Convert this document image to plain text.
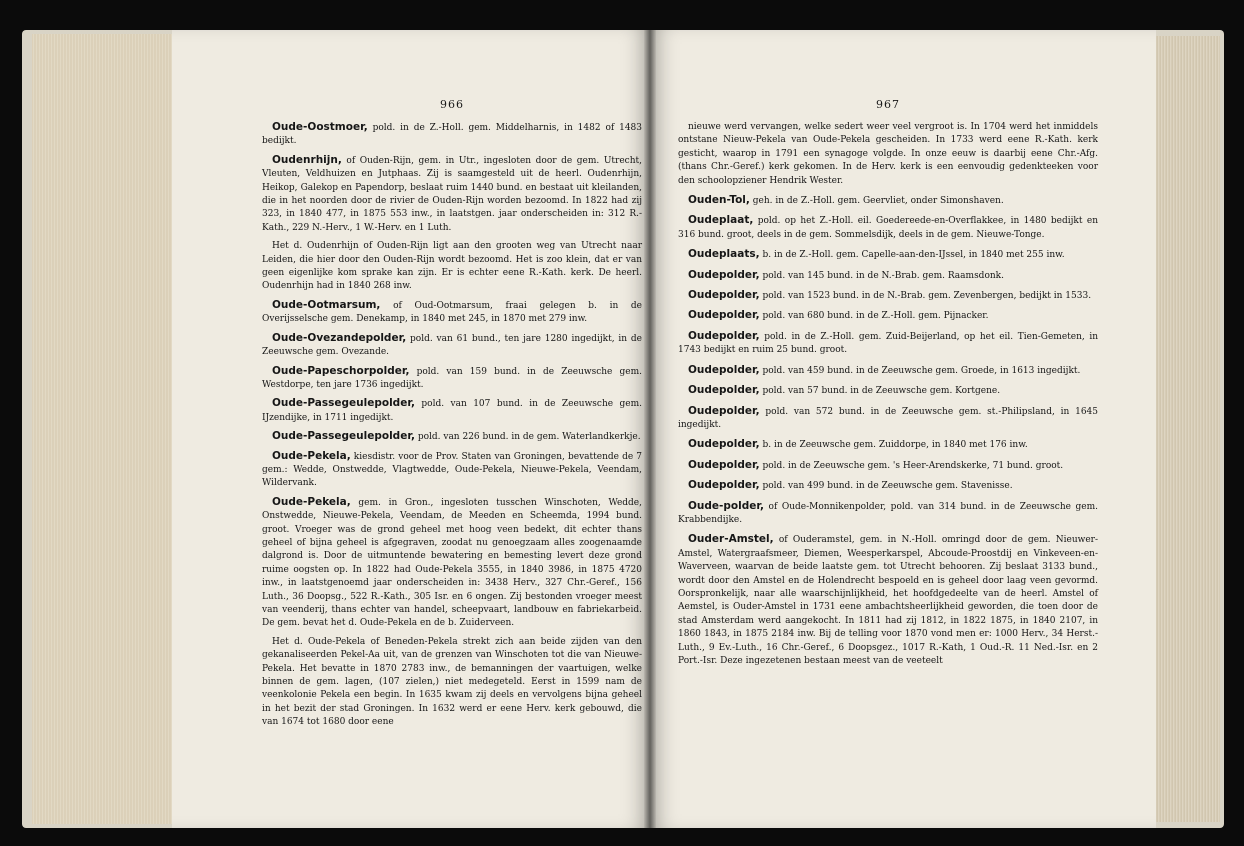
966

Oude-Oostmoer, pold. in de Z.-Holl. gem. Middelharnis, in 1482 of 1483 bedijkt.

Oudenrhijn, of Ouden-Rijn, gem. in Utr., ingesloten door de gem. Utrecht, Vleuten, Veldhuizen en Jutphaas. Zij is saamgesteld uit de heerl. Oudenrhijn, Heikop, Galekop en Papendorp, beslaat ruim 1440 bund. en bestaat uit kleilanden, die in het noorden door de rivier de Ouden-Rijn worden bezoomd. In 1822 had zij 323, in 1840 477, in 1875 553 inw., in laatstgen. jaar onderscheiden in: 312 R.-Kath., 229 N.-Herv., 1 W.-Herv. en 1 Luth.

Het d. Oudenrhijn of Ouden-Rijn ligt aan den grooten weg van Utrecht naar Leiden, die hier door den Ouden-Rijn wordt bezoomd. Het is zoo klein, dat er van geen eigenlijke kom sprake kan zijn. Er is echter eene R.-Kath. kerk. De heerl. Oudenrhijn had in 1840 268 inw.

Oude-Ootmarsum, of Oud-Ootmarsum, fraai gelegen b. in de Overijsselsche gem. Denekamp, in 1840 met 245, in 1870 met 279 inw.

Oude-Ovezandepolder, pold. van 61 bund., ten jare 1280 ingedijkt, in de Zeeuwsche gem. Ovezande.

Oude-Papeschorpolder, pold. van 159 bund. in de Zeeuwsche gem. Westdorpe, ten jare 1736 ingedijkt.

Oude-Passegeulepolder, pold. van 107 bund. in de Zeeuwsche gem. IJzendijke, in 1711 ingedijkt.

Oude-Passegeulepolder, pold. van 226 bund. in de gem. Waterlandkerkje.

Oude-Pekela, kiesdistr. voor de Prov. Staten van Groningen, bevattende de 7 gem.: Wedde, Onstwedde, Vlagtwedde, Oude-Pekela, Nieuwe-Pekela, Veendam, Wildervank.

Oude-Pekela, gem. in Gron., ingesloten tusschen Winschoten, Wedde, Onstwedde, Nieuwe-Pekela, Veendam, de Meeden en Scheemda, 1994 bund. groot. Vroeger was de grond geheel met hoog veen bedekt, dit echter thans geheel of bijna geheel is afgegraven, zoodat nu genoegzaam alles zoogenaamde dalgrond is. Door de uitmuntende bewatering en bemesting levert deze grond ruime oogsten op. In 1822 had Oude-Pekela 3555, in 1840 3986, in 1875 4720 inw., in laatstgenoemd jaar onderscheiden in: 3438 Herv., 327 Chr.-Geref., 156 Luth., 36 Doopsg., 522 R.-Kath., 305 Isr. en 6 ongen. Zij bestonden vroeger meest van veenderij, thans echter van handel, scheepvaart, landbouw en fabriekarbeid. De gem. bevat het d. Oude-Pekela en de b. Zuiderveen.

Het d. Oude-Pekela of Beneden-Pekela strekt zich aan beide zijden van den gekanaliseerden Pekel-Aa uit, van de grenzen van Winschoten tot die van Nieuwe-Pekela. Het bevatte in 1870 2783 inw., de bemanningen der vaartuigen, welke binnen de gem. lagen, (107 zielen,) niet medegeteld. Eerst in 1599 nam de veenkolonie Pekela een begin. In 1635 kwam zij deels en vervolgens bijna geheel in het bezit der stad Groningen. In 1632 werd er eene Herv. kerk gebouwd, die van 1674 tot 1680 door eene

967

nieuwe werd vervangen, welke sedert weer veel vergroot is. In 1704 werd het inmiddels ontstane Nieuw-Pekela van Oude-Pekela gescheiden. In 1733 werd eene R.-Kath. kerk gesticht, waarop in 1791 een synagoge volgde. In onze eeuw is daarbij eene Chr.-Afg. (thans Chr.-Geref.) kerk gekomen. In de Herv. kerk is een eenvoudig gedenkteeken voor den schoolopziener Hendrik Wester.

Ouden-Tol, geh. in de Z.-Holl. gem. Geervliet, onder Simonshaven.

Oudeplaat, pold. op het Z.-Holl. eil. Goedereede-en-Overflakkee, in 1480 bedijkt en 316 bund. groot, deels in de gem. Sommelsdijk, deels in de gem. Nieuwe-Tonge.

Oudeplaats, b. in de Z.-Holl. gem. Capelle-aan-den-IJssel, in 1840 met 255 inw.

Oudepolder, pold. van 145 bund. in de N.-Brab. gem. Raamsdonk.

Oudepolder, pold. van 1523 bund. in de N.-Brab. gem. Zevenbergen, bedijkt in 1533.

Oudepolder, pold. van 680 bund. in de Z.-Holl. gem. Pijnacker.

Oudepolder, pold. in de Z.-Holl. gem. Zuid-Beijerland, op het eil. Tien-Gemeten, in 1743 bedijkt en ruim 25 bund. groot.

Oudepolder, pold. van 459 bund. in de Zeeuwsche gem. Groede, in 1613 ingedijkt.

Oudepolder, pold. van 57 bund. in de Zeeuwsche gem. Kortgene.

Oudepolder, pold. van 572 bund. in de Zeeuwsche gem. st.-Philipsland, in 1645 ingedijkt.

Oudepolder, b. in de Zeeuwsche gem. Zuiddorpe, in 1840 met 176 inw.

Oudepolder, pold. in de Zeeuwsche gem. 's Heer-Arendskerke, 71 bund. groot.

Oudepolder, pold. van 499 bund. in de Zeeuwsche gem. Stavenisse.

Oude-polder, of Oude-Monnikenpolder, pold. van 314 bund. in de Zeeuwsche gem. Krabbendijke.

Ouder-Amstel, of Ouderamstel, gem. in N.-Holl. omringd door de gem. Nieuwer-Amstel, Watergraafsmeer, Diemen, Weesperkarspel, Abcoude-Proostdij en Vinkeveen-en-Waverveen, waarvan de beide laatste gem. tot Utrecht behooren. Zij beslaat 3133 bund., wordt door den Amstel en de Holendrecht bespoeld en is geheel door laag veen gevormd. Oorspronkelijk, naar alle waarschijnlijkheid, het hoofdgedeelte van de heerl. Amstel of Aemstel, is Ouder-Amstel in 1731 eene ambachtsheerlijkheid geworden, die toen door de stad Amsterdam werd aangekocht. In 1811 had zij 1812, in 1822 1875, in 1840 2107, in 1860 1843, in 1875 2184 inw. Bij de telling voor 1870 vond men er: 1000 Herv., 34 Herst.-Luth., 9 Ev.-Luth., 16 Chr.-Geref., 6 Doopsgez., 1017 R.-Kath, 1 Oud.-R. 11 Ned.-Isr. en 2 Port.-Isr. Deze ingezetenen bestaan meest van de veeteelt
